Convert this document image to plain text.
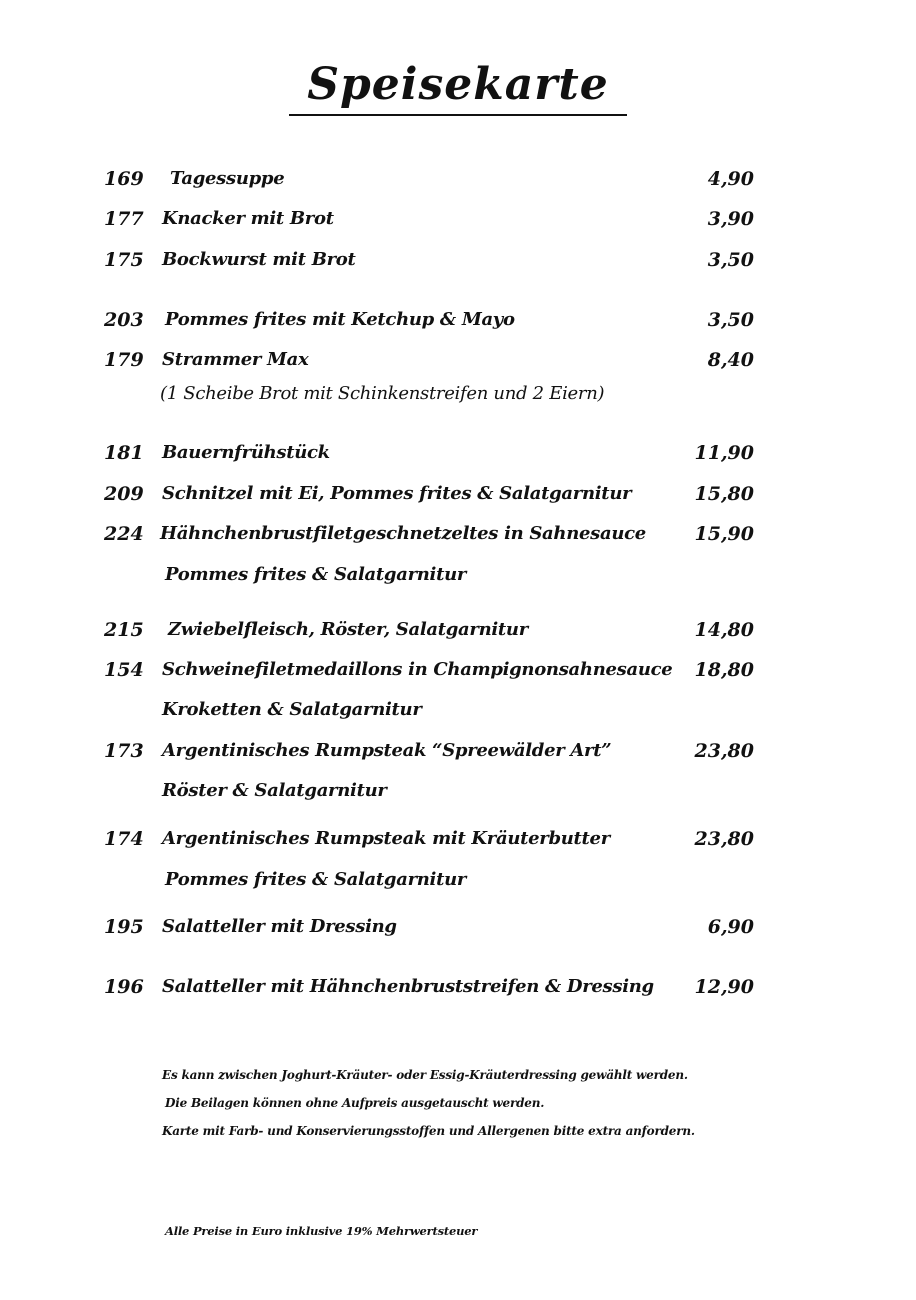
Speisekarte
169	Tagessuppe	4,90
177	Knacker mit Brot	3,90
175	Bockwurst mit Brot	3,50
203	Pommes frites mit Ketchup & Mayo	3,50
179	Strammer Max	8,40
(1 Scheibe Brot mit Schinkenstreifen und 2 Eiern)
181	Bauernfrühstück	11,90
209	Schnitzel mit Ei, Pommes frites & Salatgarnitur	15,80
224 Hähnchenbrustfiletgeschnetzeltes in Sahnesauce	15,90
Pommes frites & Salatgarnitur
215	Zwiebelfleisch, Röster, Salatgarnitur	14,80
154	Schweinefiletmedaillons in Champignonsahnesauce	18,80
Kroketten & Salatgarnitur
173	Argentinisches Rumpsteak “Spreewälder Art”	23,80
Röster & Salatgarnitur
174	Argentinisches Rumpsteak mit Kräuterbutter	23,80
Pommes frites & Salatgarnitur
195	Salatteller mit Dressing	6,90
196	Salatteller mit Hähnchenbruststreifen & Dressing	12,90
Es kann zwischen Joghurt-Kräuter- oder Essig-Kräuterdressing gewählt werden.
Die Beilagen können ohne Aufpreis ausgetauscht werden.
Karte mit Farb- und Konservierungsstoffen und Allergenen bitte extra anfordern.
Alle Preise in Euro inklusive 19% Mehrwertsteuer
